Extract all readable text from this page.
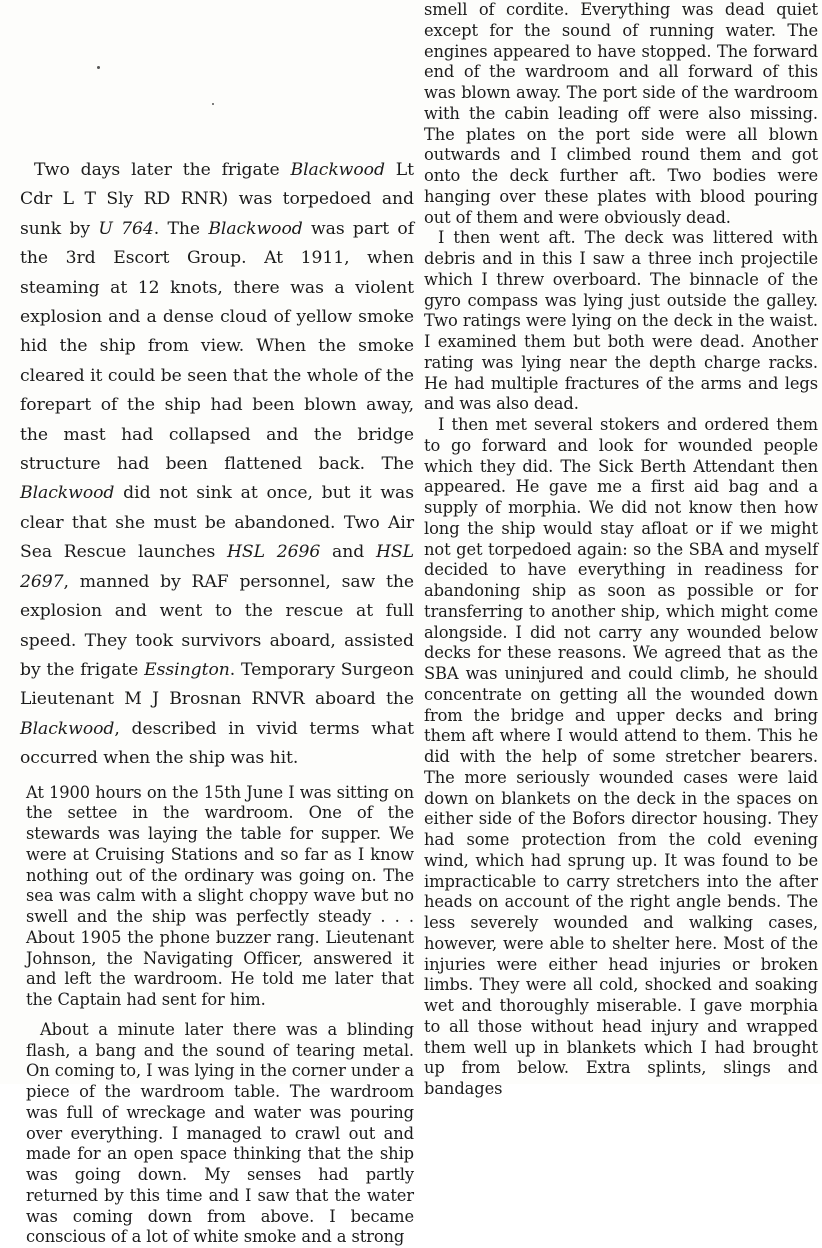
Two days later the frigate Blackwood Lt Cdr L T Sly RD RNR) was torpedoed and sunk by U 764. The Blackwood was part of the 3rd Escort Group. At 1911, when steaming at 12 knots, there was a violent explosion and a dense cloud of yellow smoke hid the ship from view. When the smoke cleared it could be seen that the whole of the forepart of the ship had been blown away, the mast had collapsed and the bridge structure had been flattened back. The Blackwood did not sink at once, but it was clear that she must be abandoned. Two Air Sea Rescue launches HSL 2696 and HSL 2697, manned by RAF personnel, saw the explosion and went to the rescue at full speed. They took survivors aboard, assisted by the frigate Essington. Temporary Surgeon Lieutenant M J Brosnan RNVR aboard the Blackwood, described in vivid terms what occurred when the ship was hit.

At 1900 hours on the 15th June I was sitting on the settee in the wardroom. One of the stewards was laying the table for supper. We were at Cruising Stations and so far as I know nothing out of the ordinary was going on. The sea was calm with a slight choppy wave but no swell and the ship was perfectly steady . . . About 1905 the phone buzzer rang. Lieutenant Johnson, the Navigating Officer, answered it and left the wardroom. He told me later that the Captain had sent for him.

About a minute later there was a blinding flash, a bang and the sound of tearing metal. On coming to, I was lying in the corner under a piece of the wardroom table. The wardroom was full of wreckage and water was pouring over everything. I managed to crawl out and made for an open space thinking that the ship was going down. My senses had partly returned by this time and I saw that the water was coming down from above. I became conscious of a lot of white smoke and a strong

smell of cordite. Everything was dead quiet except for the sound of running water. The engines appeared to have stopped. The forward end of the wardroom and all forward of this was blown away. The port side of the wardroom with the cabin leading off were also missing. The plates on the port side were all blown outwards and I climbed round them and got onto the deck further aft. Two bodies were hanging over these plates with blood pouring out of them and were obviously dead.

I then went aft. The deck was littered with debris and in this I saw a three inch projectile which I threw overboard. The binnacle of the gyro compass was lying just outside the galley. Two ratings were lying on the deck in the waist. I examined them but both were dead. Another rating was lying near the depth charge racks. He had multiple fractures of the arms and legs and was also dead.

I then met several stokers and ordered them to go forward and look for wounded people which they did. The Sick Berth Attendant then appeared. He gave me a first aid bag and a supply of morphia. We did not know then how long the ship would stay afloat or if we might not get torpedoed again: so the SBA and myself decided to have everything in readiness for abandoning ship as soon as possible or for transferring to another ship, which might come alongside. I did not carry any wounded below decks for these reasons. We agreed that as the SBA was uninjured and could climb, he should concentrate on getting all the wounded down from the bridge and upper decks and bring them aft where I would attend to them. This he did with the help of some stretcher bearers. The more seriously wounded cases were laid down on blankets on the deck in the spaces on either side of the Bofors director housing. They had some protection from the cold evening wind, which had sprung up. It was found to be impracticable to carry stretchers into the after heads on account of the right angle bends. The less severely wounded and walking cases, however, were able to shelter here. Most of the injuries were either head injuries or broken limbs. They were all cold, shocked and soaking wet and thoroughly miserable. I gave morphia to all those without head injury and wrapped them well up in blankets which I had brought up from below. Extra splints, slings and bandages
